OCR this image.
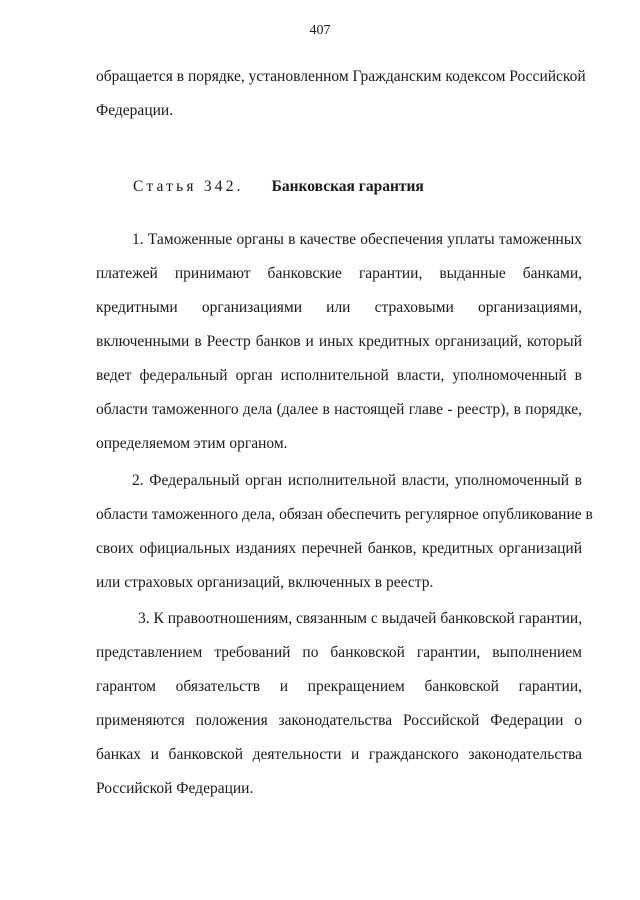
407
обращается в порядке, установленном Гражданским кодексом Российской
Федерации.
Статья 342. Банковская гарантия
1. Таможенные органы в качестве обеспечения уплаты таможенных
платежей принимают банковские гарантии, выданные банками,
кредитными организациями или страховыми организациями,
включенными в Реестр банков и иных кредитных организаций, который
ведет федеральный орган исполнительной власти, уполномоченный в
области таможенного дела (далее в настоящей главе - реестр), в порядке,
определяемом этим органом.
2. Федеральный орган исполнительной власти, уполномоченный в
области таможенного дела, обязан обеспечить регулярное опубликование в
своих официальных изданиях перечней банков, кредитных организаций
или страховых организаций, включенных в реестр.
3. К правоотношениям, связанным с выдачей банковской гарантии,
представлением требований по банковской гарантии, выполнением
гарантом обязательств и прекращением банковской гарантии,
применяются положения законодательства Российской Федерации о
банках и банковской деятельности и гражданского законодательства
Российской Федерации.
